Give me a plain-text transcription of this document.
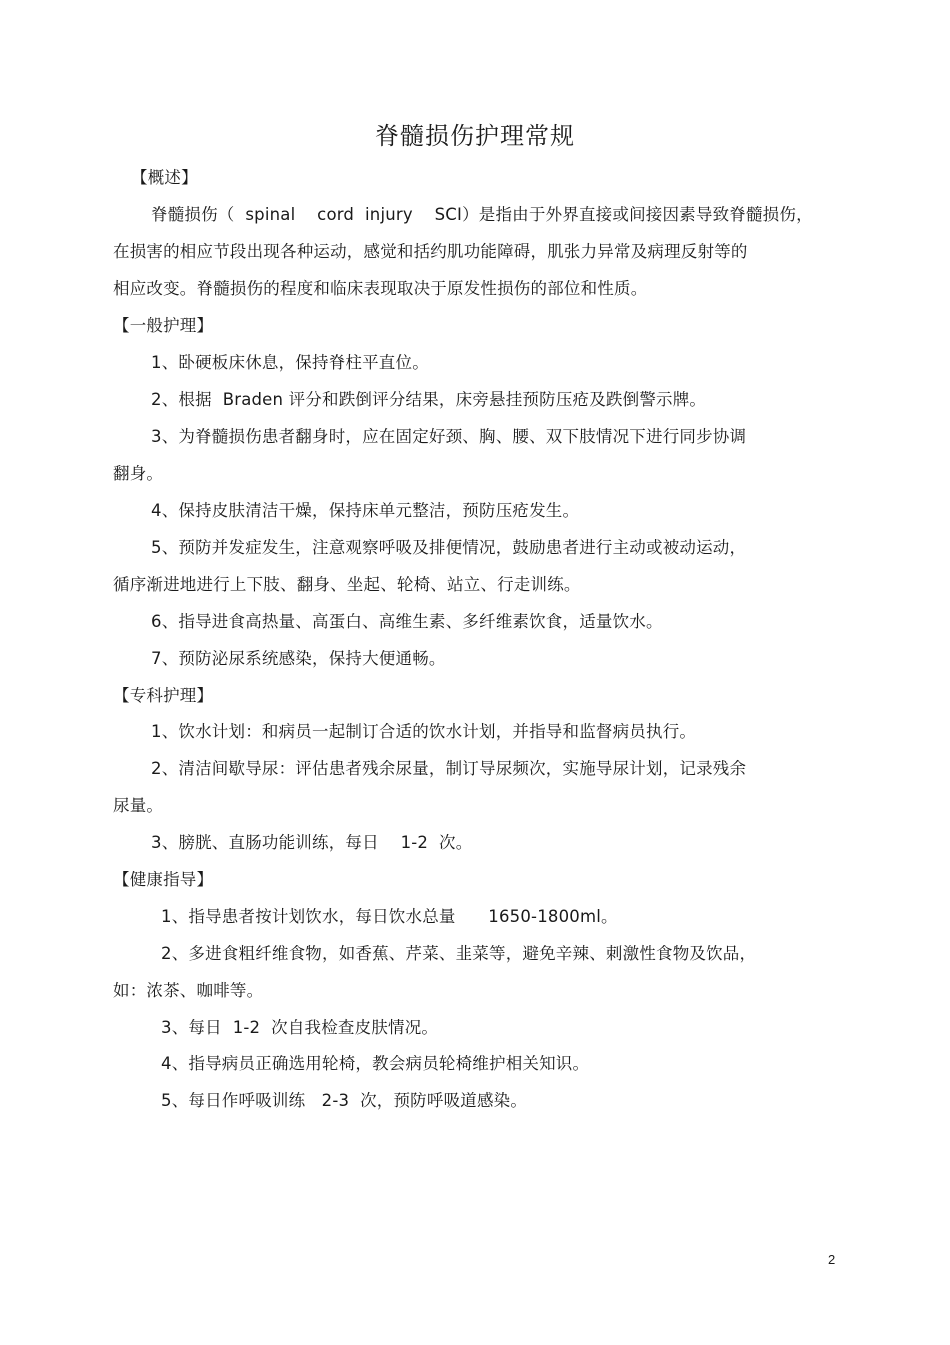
脊髓损伤护理常规
【概述】
脊髓损伤（  spinal    cord  injury    SCI）是指由于外界直接或间接因素导致脊髓损伤，
在损害的相应节段出现各种运动，感觉和括约肌功能障碍，肌张力异常及病理反射等的
相应改变。脊髓损伤的程度和临床表现取决于原发性损伤的部位和性质。
【一般护理】
1、卧硬板床休息，保持脊柱平直位。
2、根据  Braden 评分和跌倒评分结果，床旁悬挂预防压疮及跌倒警示牌。
3、为脊髓损伤患者翻身时，应在固定好颈、胸、腰、双下肢情况下进行同步协调
翻身。
4、保持皮肤清洁干燥，保持床单元整洁，预防压疮发生。
5、预防并发症发生，注意观察呼吸及排便情况，鼓励患者进行主动或被动运动，
循序渐进地进行上下肢、翻身、坐起、轮椅、站立、行走训练。
6、指导进食高热量、高蛋白、高维生素、多纤维素饮食，适量饮水。
7、预防泌尿系统感染，保持大便通畅。
【专科护理】
1、饮水计划：和病员一起制订合适的饮水计划，并指导和监督病员执行。
2、清洁间歇导尿：评估患者残余尿量，制订导尿频次，实施导尿计划，记录残余
尿量。
3、膀胱、直肠功能训练，每日    1-2  次。
【健康指导】
1、指导患者按计划饮水，每日饮水总量      1650-1800ml。
2、多进食粗纤维食物，如香蕉、芹菜、韭菜等，避免辛辣、刺激性食物及饮品，
如：浓茶、咖啡等。
3、每日  1-2  次自我检查皮肤情况。
4、指导病员正确选用轮椅，教会病员轮椅维护相关知识。
5、每日作呼吸训练   2-3  次，预防呼吸道感染。
2
